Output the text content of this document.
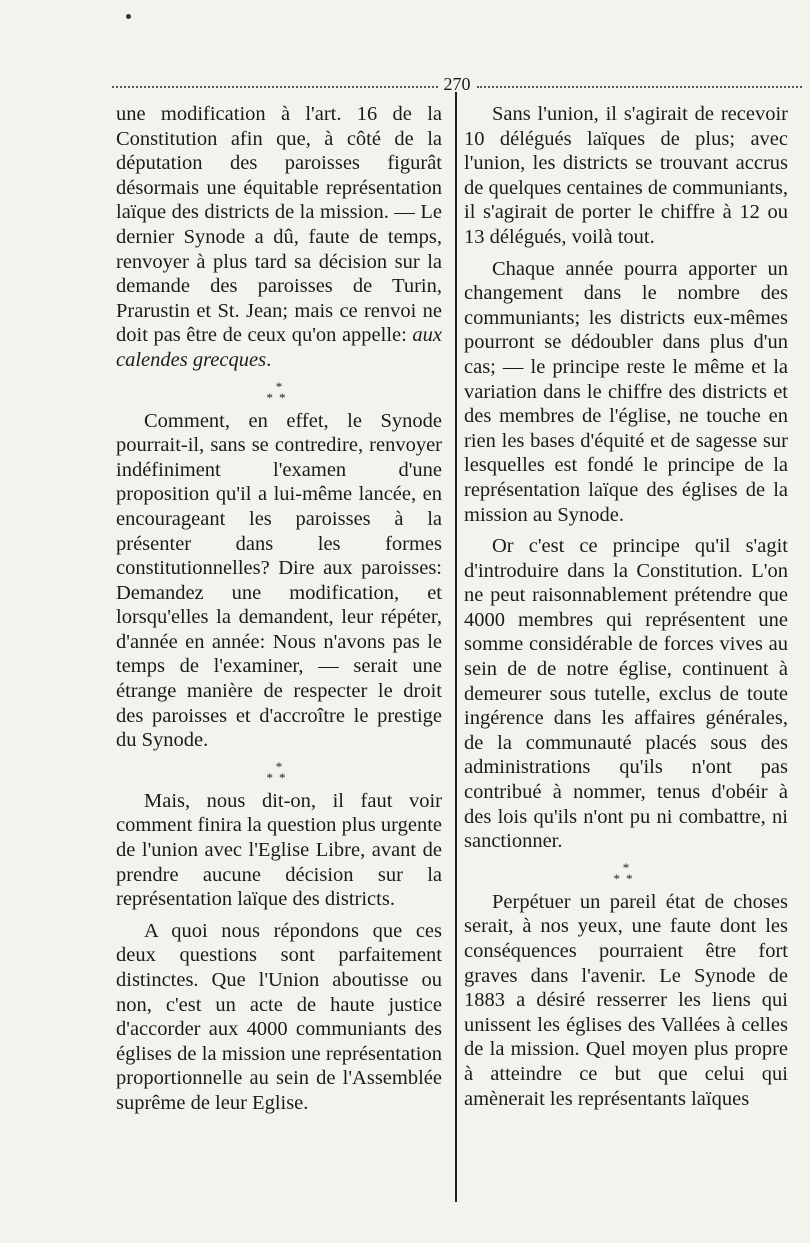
270

une modification à l'art. 16 de la Constitution afin que, à côté de la députation des paroisses figurât désormais une équitable représentation laïque des districts de la mission. — Le dernier Synode a dû, faute de temps, renvoyer à plus tard sa décision sur la demande des paroisses de Turin, Prarustin et St. Jean; mais ce renvoi ne doit pas être de ceux qu'on appelle: aux calendes grecques.

*
**

Comment, en effet, le Synode pourrait-il, sans se contredire, renvoyer indéfiniment l'examen d'une proposition qu'il a lui-même lancée, en encourageant les paroisses à la présenter dans les formes constitutionnelles? Dire aux paroisses: Demandez une modification, et lorsqu'elles la demandent, leur répéter, d'année en année: Nous n'avons pas le temps de l'examiner, — serait une étrange manière de respecter le droit des paroisses et d'accroître le prestige du Synode.

*
**

Mais, nous dit-on, il faut voir comment finira la question plus urgente de l'union avec l'Eglise Libre, avant de prendre aucune décision sur la représentation laïque des districts.

A quoi nous répondons que ces deux questions sont parfaitement distinctes. Que l'Union aboutisse ou non, c'est un acte de haute justice d'accorder aux 4000 communiants des églises de la mission une représentation proportionnelle au sein de l'Assemblée suprême de leur Eglise.

Sans l'union, il s'agirait de recevoir 10 délégués laïques de plus; avec l'union, les districts se trouvant accrus de quelques centaines de communiants, il s'agirait de porter le chiffre à 12 ou 13 délégués, voilà tout.

Chaque année pourra apporter un changement dans le nombre des communiants; les districts eux-mêmes pourront se dédoubler dans plus d'un cas; — le principe reste le même et la variation dans le chiffre des districts et des membres de l'église, ne touche en rien les bases d'équité et de sagesse sur lesquelles est fondé le principe de la représentation laïque des églises de la mission au Synode.

Or c'est ce principe qu'il s'agit d'introduire dans la Constitution. L'on ne peut raisonnablement prétendre que 4000 membres qui représentent une somme considérable de forces vives au sein de de notre église, continuent à demeurer sous tutelle, exclus de toute ingérence dans les affaires générales, de la communauté placés sous des administrations qu'ils n'ont pas contribué à nommer, tenus d'obéir à des lois qu'ils n'ont pu ni combattre, ni sanctionner.

*
**

Perpétuer un pareil état de choses serait, à nos yeux, une faute dont les conséquences pourraient être fort graves dans l'avenir. Le Synode de 1883 a désiré resserrer les liens qui unissent les églises des Vallées à celles de la mission. Quel moyen plus propre à atteindre ce but que celui qui amènerait les représentants laïques
